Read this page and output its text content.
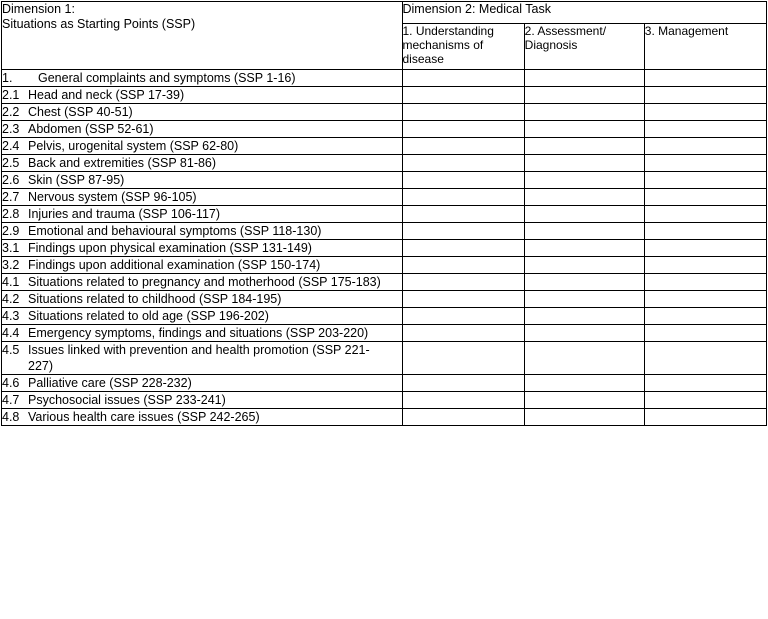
Dimension 1:
Situations as Starting Points (SSP)	Dimension 2: Medical Task		
	1. Understanding mechanisms of disease	2. Assessment/ Diagnosis	3. Management
1. General complaints and symptoms (SSP 1-16)			
2.1 Head and neck (SSP 17-39)			
2.2 Chest (SSP 40-51)			
2.3 Abdomen (SSP 52-61)			
2.4 Pelvis, urogenital system (SSP 62-80)			
2.5 Back and extremities (SSP 81-86)			
2.6 Skin (SSP 87-95)			
2.7 Nervous system (SSP 96-105)			
2.8 Injuries and trauma (SSP 106-117)			
2.9 Emotional and behavioural symptoms (SSP 118-130)			
3.1 Findings upon physical examination (SSP 131-149)			
3.2 Findings upon additional examination (SSP 150-174)			
4.1 Situations related to pregnancy and motherhood (SSP 175-183)			
4.2 Situations related to childhood (SSP 184-195)			
4.3 Situations related to old age (SSP 196-202)			
4.4 Emergency symptoms, findings and situations (SSP 203-220)			
4.5 Issues linked with prevention and health promotion (SSP 221-227)			
4.6 Palliative care (SSP 228-232)			
4.7 Psychosocial issues (SSP 233-241)			
4.8 Various health care issues (SSP 242-265)			
